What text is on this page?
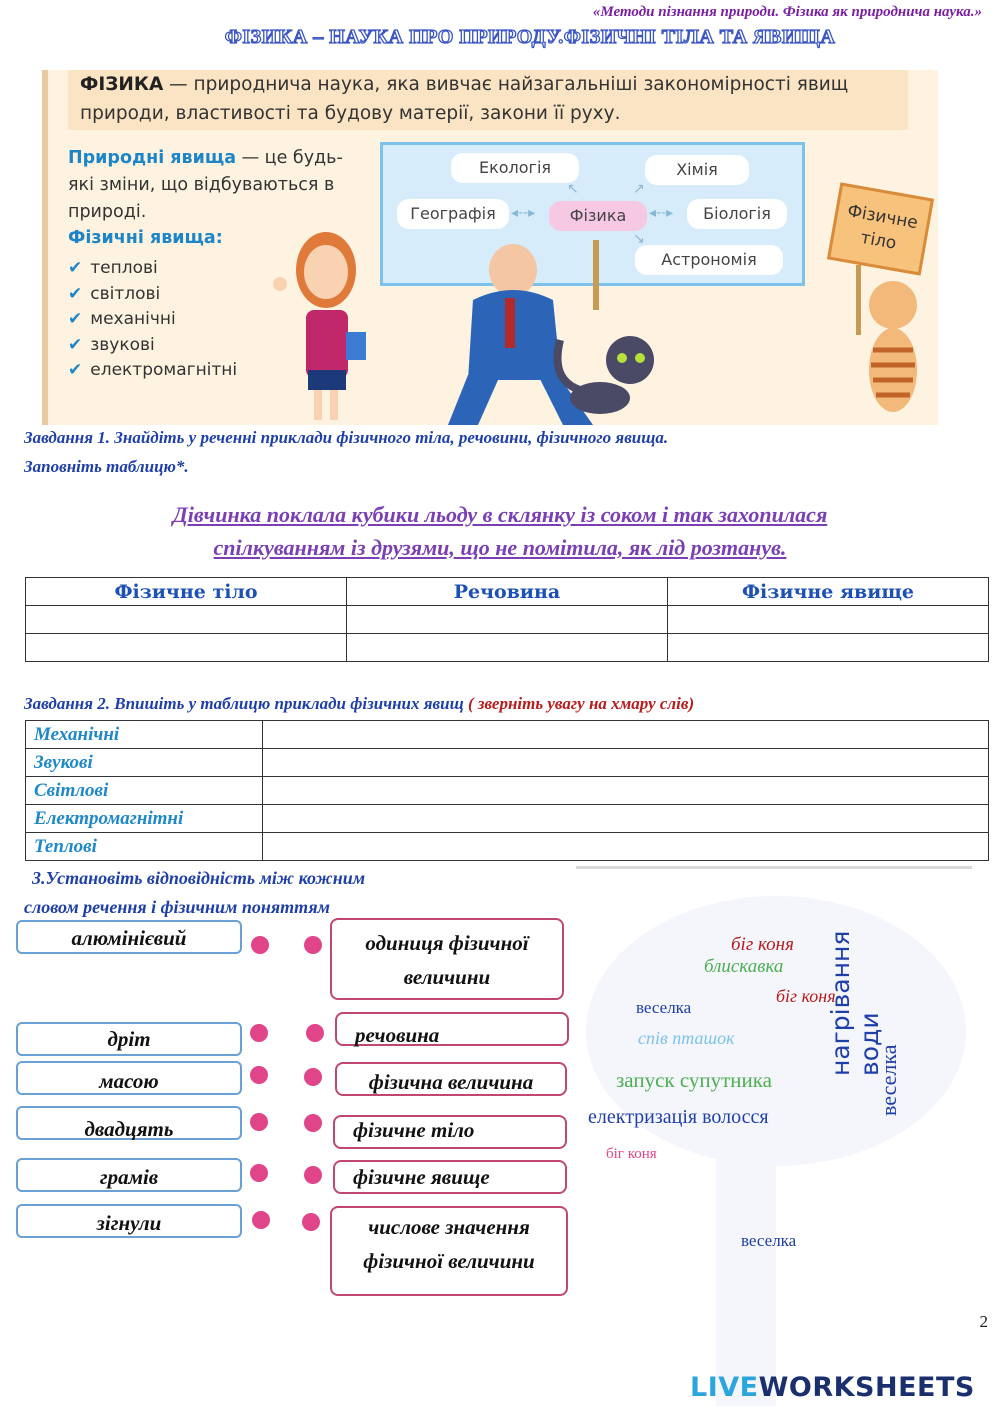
«Методи пізнання природи. Фізика як природнича наука.»
ФІЗИКА – НАУКА ПРО ПРИРОДУ.ФІЗИЧНІ ТІЛА ТА ЯВИЩА
ФІЗИКА — природнича наука, яка вивчає найзагальніші закономірності явищ природи, властивості та будову матерії, закони її руху.
Природні явища — це будь-які зміни, що відбуваються в природі.
Фізичні явища:
✔ теплові
✔ світлові
✔ механічні
✔ звукові
✔ електромагнітні
Екологія	Хімія
Географія	Фізика	Біологія
Астрономія
◂‑‑▸	◂‑‑▸
↖	↗
↘
Фізичне тіло
Завдання 1. Знайдіть у реченні приклади фізичного тіла, речовини, фізичного явища.
Заповніть таблицю*.
Дівчинка поклала кубики льоду в склянку із соком і так захопилася
спілкуванням із друзями, що не помітила, як лід розтанув.
Фізичне тіло	Речовина	Фізичне явище

Завдання 2. Впишіть у таблицю приклади фізичних явищ ( зверніть увагу на хмару слів)
Механічні	
Звукові	
Світлові	
Електромагнітні	
Теплові	
3.Установіть відповідність між кожним
словом речення і фізичним поняттям
алюмінієвий
дріт
масою
двадцять
грамів
зігнули
одиниця фізичної
величини
речовина
фізична величина
фізичне тіло
фізичне явище
числове значення
фізичної величини
нагрівання води
біг коня
блискавка
веселка
запуск супутника
електризація волосся
спів пташок
біг коня
веселка
біг коня
веселка
2
LIVEWORKSHEETS
